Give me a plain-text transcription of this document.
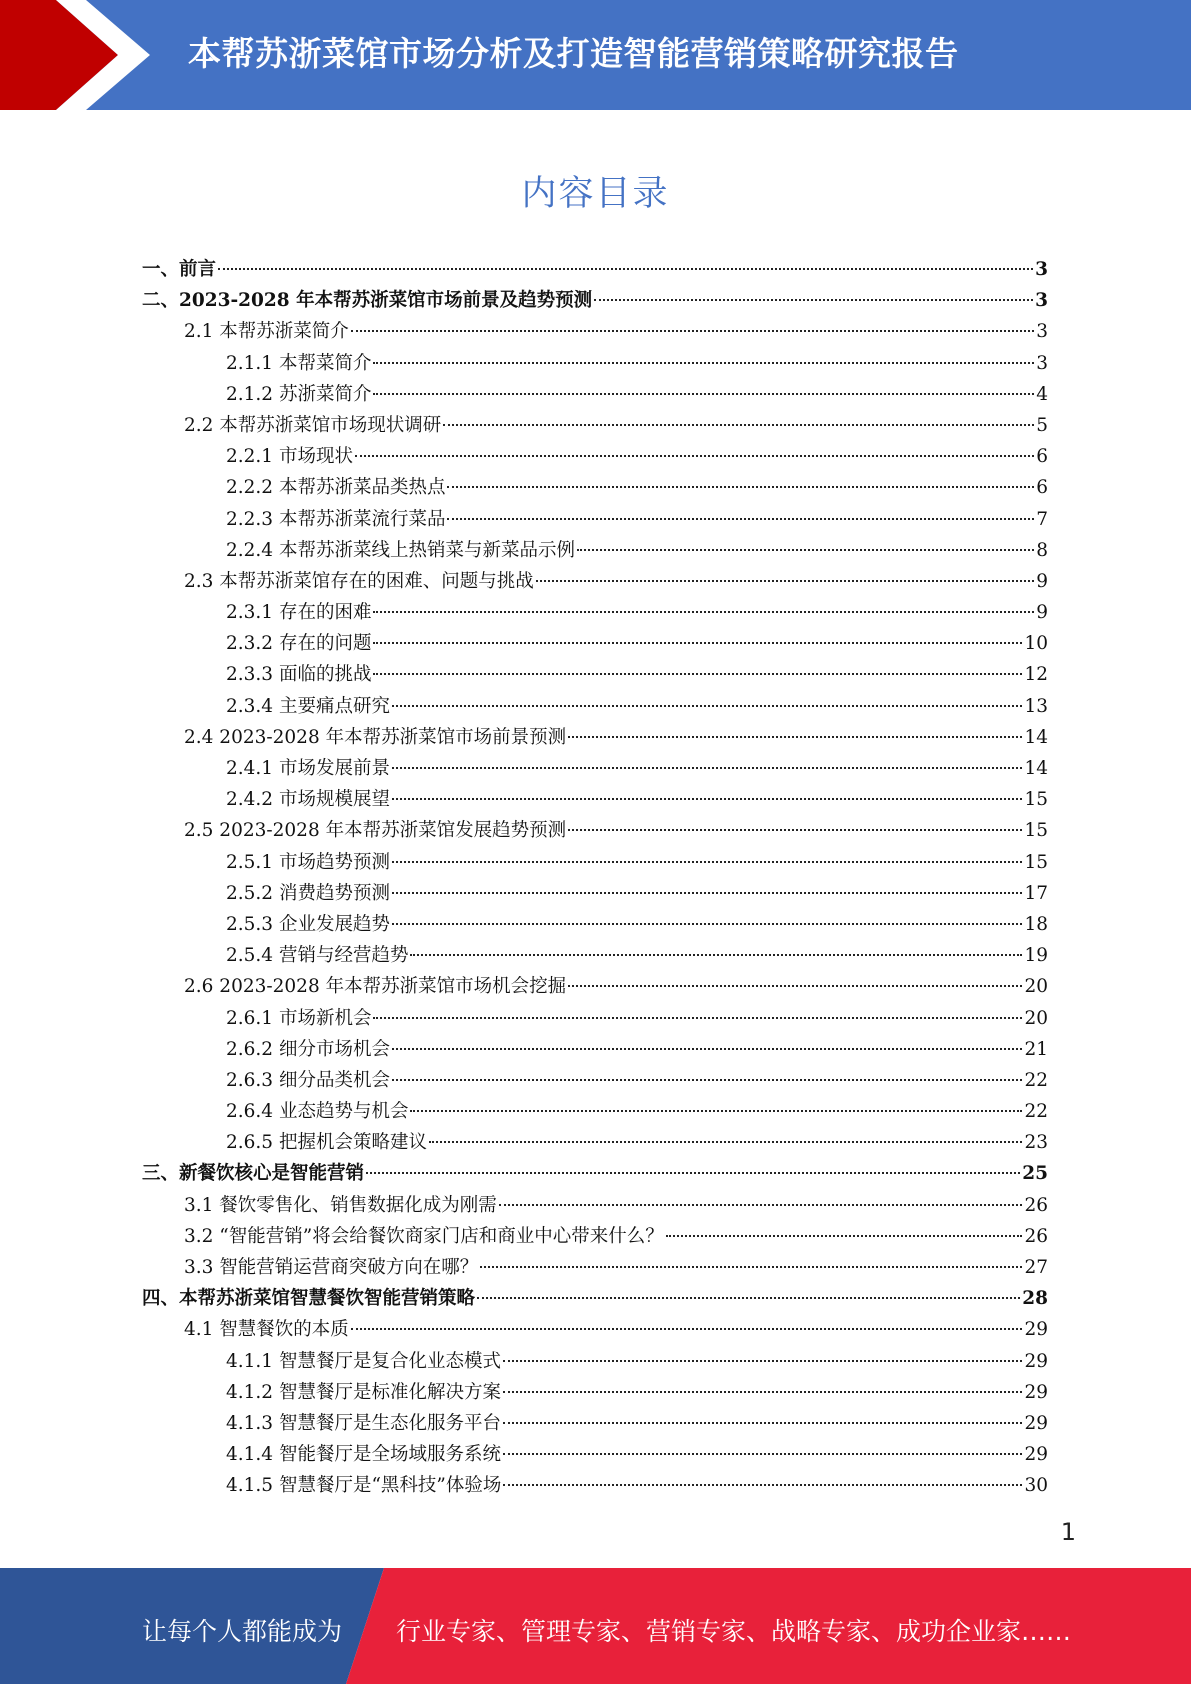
本帮苏浙菜馆市场分析及打造智能营销策略研究报告
内容目录
一、前言	3
二、2023-2028 年本帮苏浙菜馆市场前景及趋势预测	3
2.1 本帮苏浙菜简介	3
2.1.1 本帮菜简介	3
2.1.2 苏浙菜简介	4
2.2 本帮苏浙菜馆市场现状调研	5
2.2.1 市场现状	6
2.2.2 本帮苏浙菜品类热点	6
2.2.3 本帮苏浙菜流行菜品	7
2.2.4 本帮苏浙菜线上热销菜与新菜品示例	8
2.3 本帮苏浙菜馆存在的困难、问题与挑战	9
2.3.1 存在的困难	9
2.3.2 存在的问题	10
2.3.3 面临的挑战	12
2.3.4 主要痛点研究	13
2.4 2023-2028 年本帮苏浙菜馆市场前景预测	14
2.4.1 市场发展前景	14
2.4.2 市场规模展望	15
2.5 2023-2028 年本帮苏浙菜馆发展趋势预测	15
2.5.1 市场趋势预测	15
2.5.2 消费趋势预测	17
2.5.3 企业发展趋势	18
2.5.4 营销与经营趋势	19
2.6 2023-2028 年本帮苏浙菜馆市场机会挖掘	20
2.6.1 市场新机会	20
2.6.2 细分市场机会	21
2.6.3 细分品类机会	22
2.6.4 业态趋势与机会	22
2.6.5 把握机会策略建议	23
三、新餐饮核心是智能营销	25
3.1 餐饮零售化、销售数据化成为刚需	26
3.2 “智能营销”将会给餐饮商家门店和商业中心带来什么？	26
3.3 智能营销运营商突破方向在哪？	27
四、本帮苏浙菜馆智慧餐饮智能营销策略	28
4.1 智慧餐饮的本质	29
4.1.1 智慧餐厅是复合化业态模式	29
4.1.2 智慧餐厅是标准化解决方案	29
4.1.3 智慧餐厅是生态化服务平台	29
4.1.4 智能餐厅是全场域服务系统	29
4.1.5 智慧餐厅是“黑科技”体验场	30
1
让每个人都能成为 行业专家、管理专家、营销专家、战略专家、成功企业家……
